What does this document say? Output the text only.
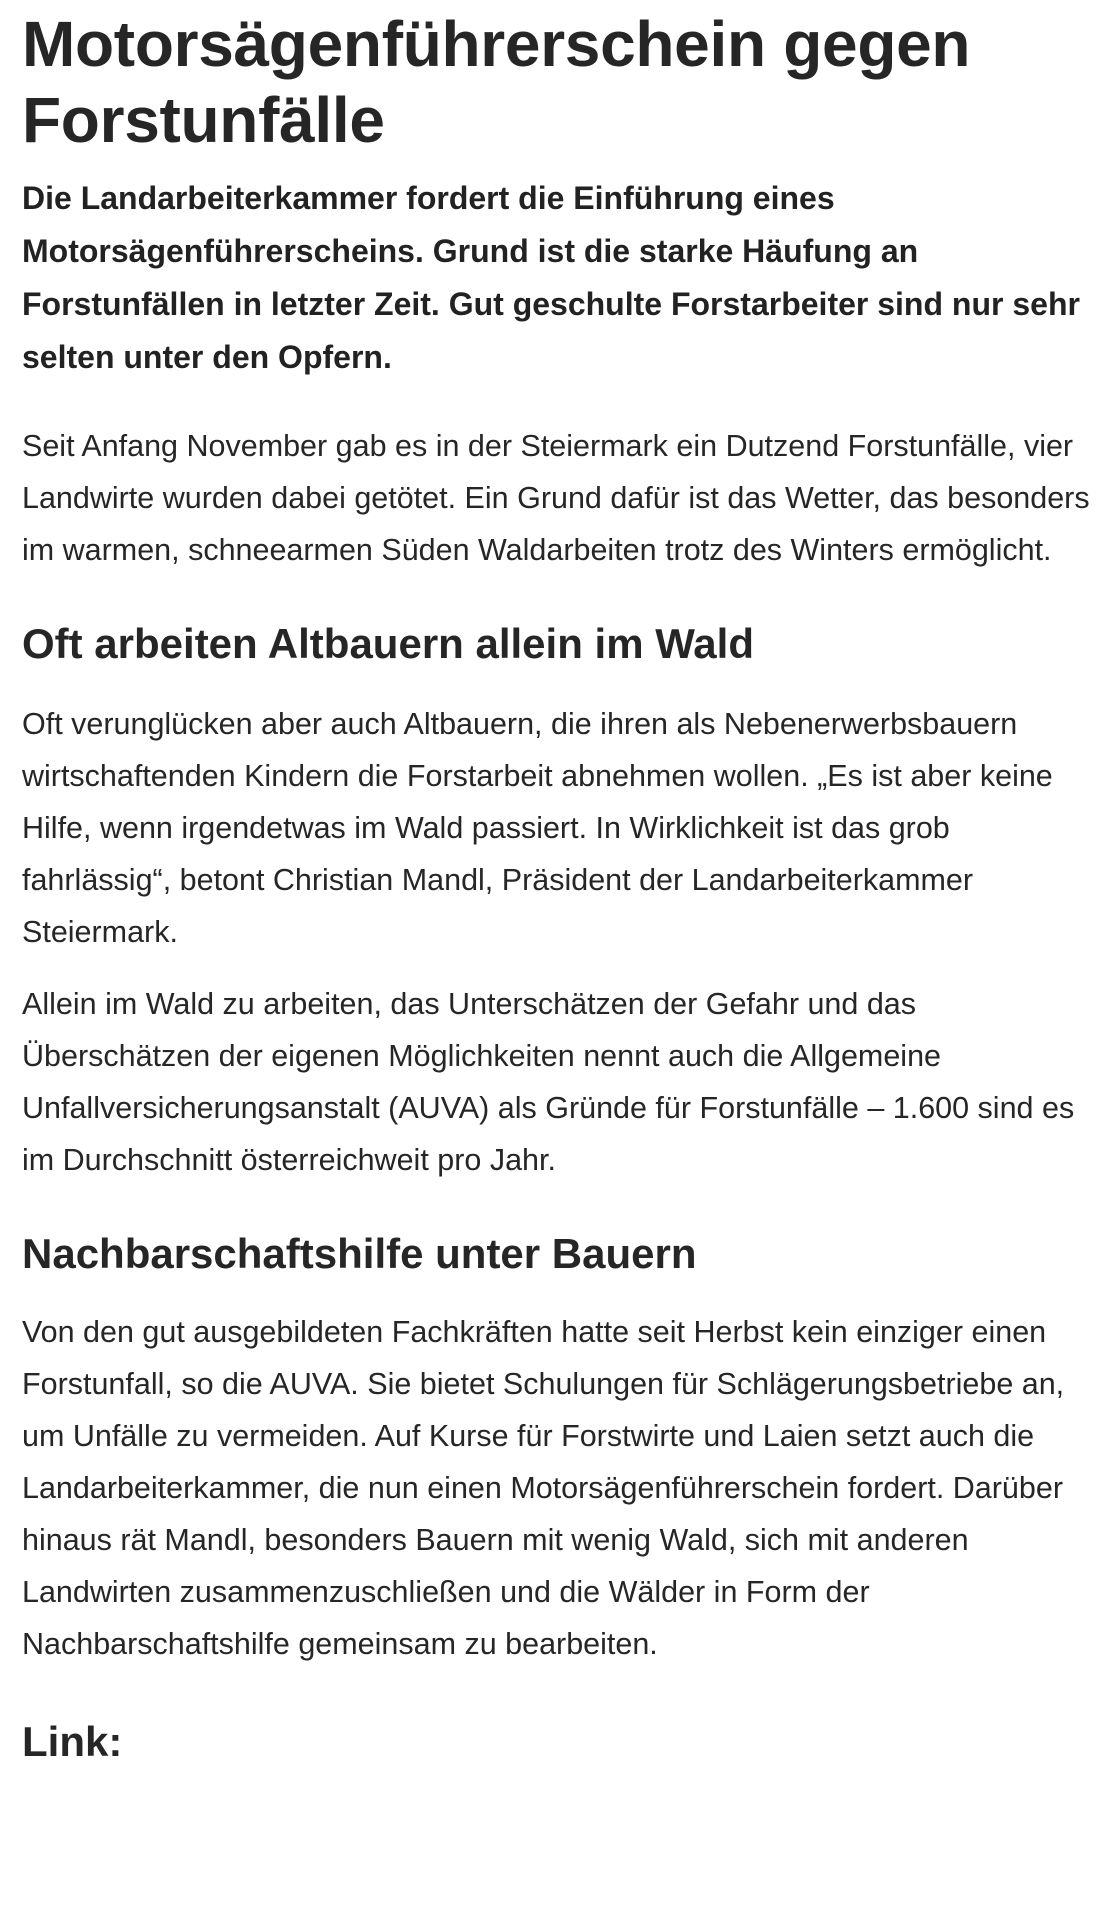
Motorsägenführerschein gegen Forstunfälle

Die Landarbeiterkammer fordert die Einführung eines Motorsägenführerscheins. Grund ist die starke Häufung an Forstunfällen in letzter Zeit. Gut geschulte Forstarbeiter sind nur sehr selten unter den Opfern.

Seit Anfang November gab es in der Steiermark ein Dutzend Forstunfälle, vier Landwirte wurden dabei getötet. Ein Grund dafür ist das Wetter, das besonders im warmen, schneearmen Süden Waldarbeiten trotz des Winters ermöglicht.

Oft arbeiten Altbauern allein im Wald

Oft verunglücken aber auch Altbauern, die ihren als Nebenerwerbsbauern wirtschaftenden Kindern die Forstarbeit abnehmen wollen. „Es ist aber keine Hilfe, wenn irgendetwas im Wald passiert. In Wirklichkeit ist das grob fahrlässig“, betont Christian Mandl, Präsident der Landarbeiterkammer Steiermark.

Allein im Wald zu arbeiten, das Unterschätzen der Gefahr und das Überschätzen der eigenen Möglichkeiten nennt auch die Allgemeine Unfallversicherungsanstalt (AUVA) als Gründe für Forstunfälle – 1.600 sind es im Durchschnitt österreichweit pro Jahr.

Nachbarschaftshilfe unter Bauern

Von den gut ausgebildeten Fachkräften hatte seit Herbst kein einziger einen Forstunfall, so die AUVA. Sie bietet Schulungen für Schlägerungsbetriebe an, um Unfälle zu vermeiden. Auf Kurse für Forstwirte und Laien setzt auch die Landarbeiterkammer, die nun einen Motorsägenführerschein fordert. Darüber hinaus rät Mandl, besonders Bauern mit wenig Wald, sich mit anderen Landwirten zusammenzuschließen und die Wälder in Form der Nachbarschaftshilfe gemeinsam zu bearbeiten.

Link:
